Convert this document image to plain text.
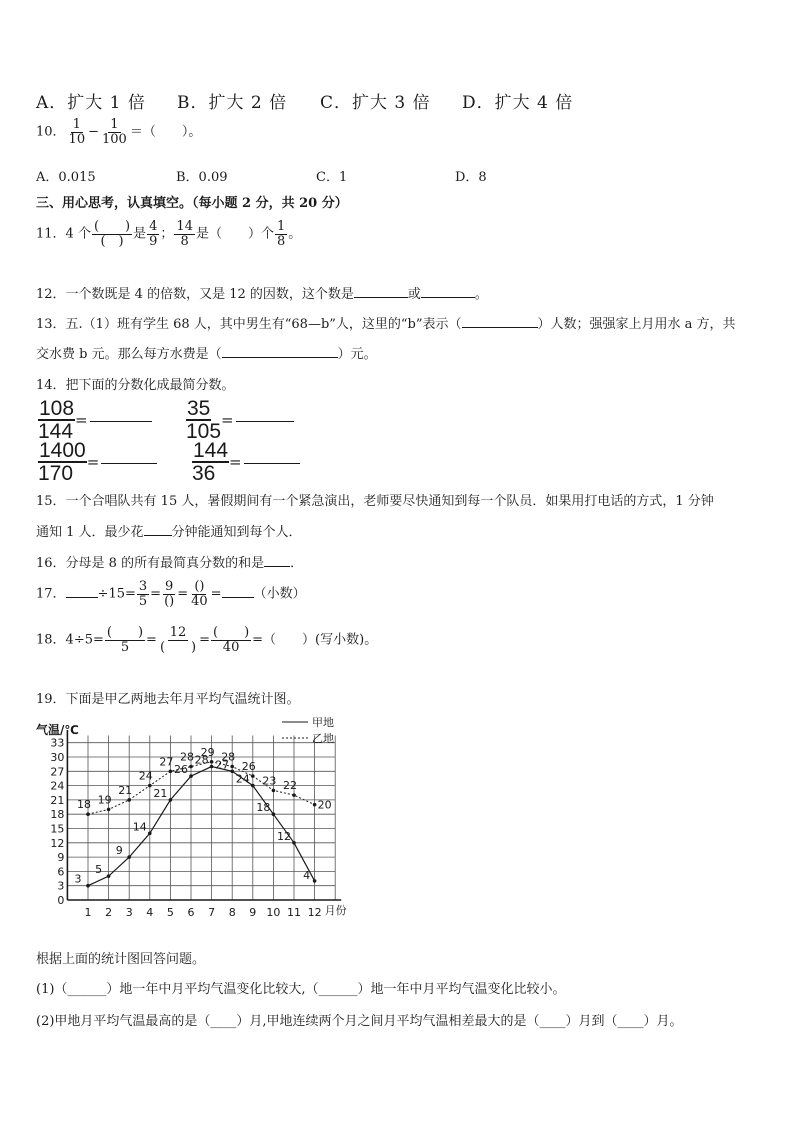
A．扩大 1 倍 B．扩大 2 倍 C．扩大 3 倍 D．扩大 4 倍
10． $\frac{1}{10} - \frac{1}{100}$ ＝（　　）。
A．0.015	B．0.09	C．1	D．8
三、用心思考，认真填空。（每小题 2 分，共 20 分）
11．4 个 $\frac{( )}{( )}$ 是 $\frac{4}{9}$ ； $\frac{14}{8}$ 是（　　）个 $\frac{1}{8}$ 。
12．一个数既是 4 的倍数，又是 12 的因数，这个数是	或	。
13．五.（1）班有学生 68 人，其中男生有“68—b”人，这里的“b”表示（	）人数；强强家上月用水 a 方，共
交水费 b 元。那么每方水费是（	）元。
14．把下面的分数化成最简分数。
$\frac{108}{144}$ =	$\frac{35}{105}$ =
$\frac{1400}{170}$ =	$\frac{144}{36}$ =
15．一个合唱队共有 15 人，暑假期间有一个紧急演出，老师要尽快通知到每一个队员．如果用打电话的方式，1 分钟
通知 1 人．最少花 分钟能通知到每个人．
16．分母是 8 的所有最简真分数的和是 ．
17． $\div 15= \frac{3}{5} = \frac{9}{()} = \frac{()}{40}$ = （小数）
18．$4\div 5= \frac{( )}{5} = \frac{12}{( )} = \frac{( )}{40}$ =（　　）(写小数)。
19．下面是甲乙两地去年月平均气温统计图。
0
3
6
9
12
15
18
21
24
27
30
33
1 2 3 4 5 6 7 8 9 10 11 12
气温/℃
月份
甲地
乙地
3
5
9
14
21
26
28 27
24
18
12
4
18 19
21
24
27 28 29 28
26
23 22
20
根据上面的统计图回答问题。
(1)（______）地一年中月平均气温变化比较大,（______）地一年中月平均气温变化比较小。
(2)甲地月平均气温最高的是（____）月,甲地连续两个月之间月平均气温相差最大的是（____）月到（____）月。
